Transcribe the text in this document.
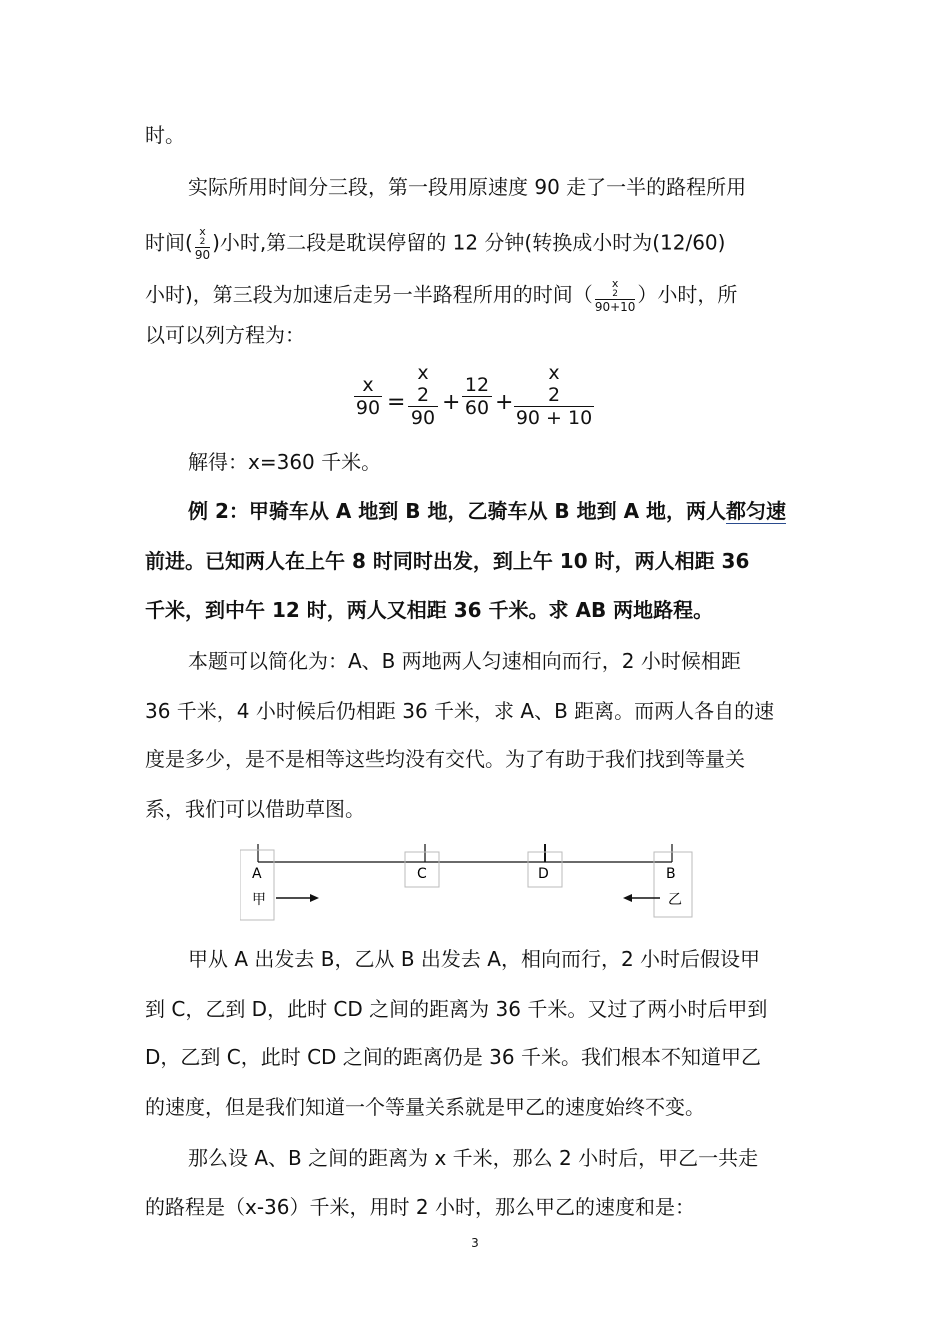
时。
实际所用时间分三段，第一段用原速度 90 走了一半的路程所用
时间( x
2
90 )小时,第二段是耽误停留的 12 分钟(转换成小时为(12/60)
小时)，第三段为加速后走另一半路程所用的时间（ x
2
90+10 ）小时，所
以可以列方程为：
$\frac{x}{90}$ =
x
2
90
+ $\frac{12}{60}$ +
x
2
90 + 10
解得：x=360 千米。
例 2：甲骑车从 A 地到 B 地，乙骑车从 B 地到 A 地，两人都匀速
前进。已知两人在上午 8 时同时出发，到上午 10 时，两人相距 36
千米，到中午 12 时，两人又相距 36 千米。求 AB 两地路程。
本题可以简化为：A、B 两地两人匀速相向而行，2 小时候相距
36 千米，4 小时候后仍相距 36 千米，求 A、B 距离。而两人各自的速
度是多少，是不是相等这些均没有交代。为了有助于我们找到等量关
系，我们可以借助草图。
A	C	D	B
甲	乙
甲从 A 出发去 B，乙从 B 出发去 A，相向而行，2 小时后假设甲
到 C，乙到 D，此时 CD 之间的距离为 36 千米。又过了两小时后甲到
D，乙到 C，此时 CD 之间的距离仍是 36 千米。我们根本不知道甲乙
的速度，但是我们知道一个等量关系就是甲乙的速度始终不变。
那么设 A、B 之间的距离为 x 千米，那么 2 小时后，甲乙一共走
的路程是（x-36）千米，用时 2 小时，那么甲乙的速度和是：
3
